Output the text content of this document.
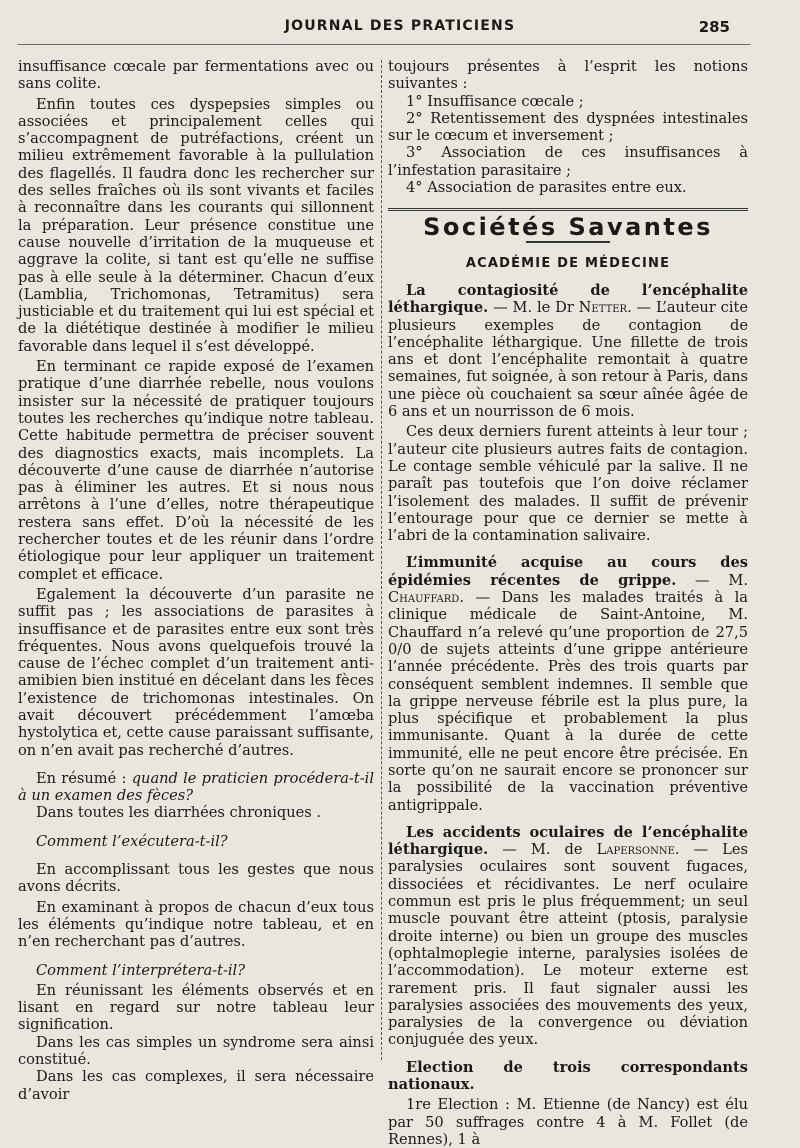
JOURNAL DES PRATICIENS	285

insuffisance cœcale par fermentations avec ou sans colite.

Enfin toutes ces dyspepsies simples ou associées et principalement celles qui s’accompagnent de putréfactions, créent un milieu extrêmement favorable à la pullulation des flagellés. Il faudra donc les rechercher sur des selles fraîches où ils sont vivants et faciles à reconnaître dans les courants qui sillonnent la préparation. Leur présence constitue une cause nouvelle d’irritation de la muqueuse et aggrave la colite, si tant est qu’elle ne suffise pas à elle seule à la déterminer. Chacun d’eux (Lamblia, Trichomonas, Tetramitus) sera justiciable et du traitement qui lui est spécial et de la diététique destinée à modifier le milieu favorable dans lequel il s’est développé.

En terminant ce rapide exposé de l’examen pratique d’une diarrhée rebelle, nous voulons insister sur la nécessité de pratiquer toujours toutes les recherches qu’indique notre tableau. Cette habitude permettra de préciser souvent des diagnostics exacts, mais incomplets. La découverte d’une cause de diarrhée n’autorise pas à éliminer les autres. Et si nous nous arrêtons à l’une d’elles, notre thérapeutique restera sans effet. D’où la nécessité de les rechercher toutes et de les réunir dans l’ordre étiologique pour leur appliquer un traitement complet et efficace.

Egalement la découverte d’un parasite ne suffit pas ; les associations de parasites à insuffisance et de parasites entre eux sont très fréquentes. Nous avons quelquefois trouvé la cause de l’échec complet d’un traitement anti-amibien bien institué en décelant dans les fèces l’existence de trichomonas intestinales. On avait découvert précédemment l’amœba hystolytica et, cette cause paraissant suffisante, on n’en avait pas recherché d’autres.

En résumé : quand le praticien procédera-t-il à un examen des fèces?

Dans toutes les diarrhées chroniques .

Comment l’exécutera-t-il?

En accomplissant tous les gestes que nous avons décrits.

En examinant à propos de chacun d’eux tous les éléments qu’indique notre tableau, et en n’en recherchant pas d’autres.

Comment l’interprétera-t-il?

En réunissant les éléments observés et en lisant en regard sur notre tableau leur signification.

Dans les cas simples un syndrome sera ainsi constitué.

Dans les cas complexes, il sera nécessaire d’avoir

toujours présentes à l’esprit les notions suivantes :

1° Insuffisance cœcale ;

2° Retentissement des dyspnées intestinales sur le cœcum et inversement ;

3° Association de ces insuffisances à l’infestation parasitaire ;

4° Association de parasites entre eux.

Sociétés Savantes

ACADÉMIE DE MÉDECINE

La contagiosité de l’encéphalite léthargique. — M. le Dr Netter. — L’auteur cite plusieurs exemples de contagion de l’encéphalite léthargique. Une fillette de trois ans et dont l’encéphalite remontait à quatre semaines, fut soignée, à son retour à Paris, dans une pièce où couchaient sa sœur aînée âgée de 6 ans et un nourrisson de 6 mois.

Ces deux derniers furent atteints à leur tour ; l’auteur cite plusieurs autres faits de contagion. Le contage semble véhiculé par la salive. Il ne paraît pas toutefois que l’on doive réclamer l’isolement des malades. Il suffit de prévenir l’entourage pour que ce dernier se mette à l’abri de la contamination salivaire.

L’immunité acquise au cours des épidémies récentes de grippe. — M. Chauffard. — Dans les malades traités à la clinique médicale de Saint-Antoine, M. Chauffard n’a relevé qu’une proportion de 27,5 0/0 de sujets atteints d’une grippe antérieure l’année précédente. Près des trois quarts par conséquent semblent indemnes. Il semble que la grippe nerveuse fébrile est la plus pure, la plus spécifique et probablement la plus immunisante. Quant à la durée de cette immunité, elle ne peut encore être précisée. En sorte qu’on ne saurait encore se prononcer sur la possibilité de la vaccination préventive antigrippale.

Les accidents oculaires de l’encéphalite léthargique. — M. de Lapersonne. — Les paralysies oculaires sont souvent fugaces, dissociées et récidivantes. Le nerf oculaire commun est pris le plus fréquemment; un seul muscle pouvant être atteint (ptosis, paralysie droite interne) ou bien un groupe des muscles (ophtalmoplegie interne, paralysies isolées de l’accommodation). Le moteur externe est rarement pris. Il faut signaler aussi les paralysies associées des mouvements des yeux, paralysies de la convergence ou déviation conjuguée des yeux.

Election de trois correspondants nationaux.

1re Election : M. Etienne (de Nancy) est élu par 50 suffrages contre 4 à M. Follet (de Rennes), 1 à
